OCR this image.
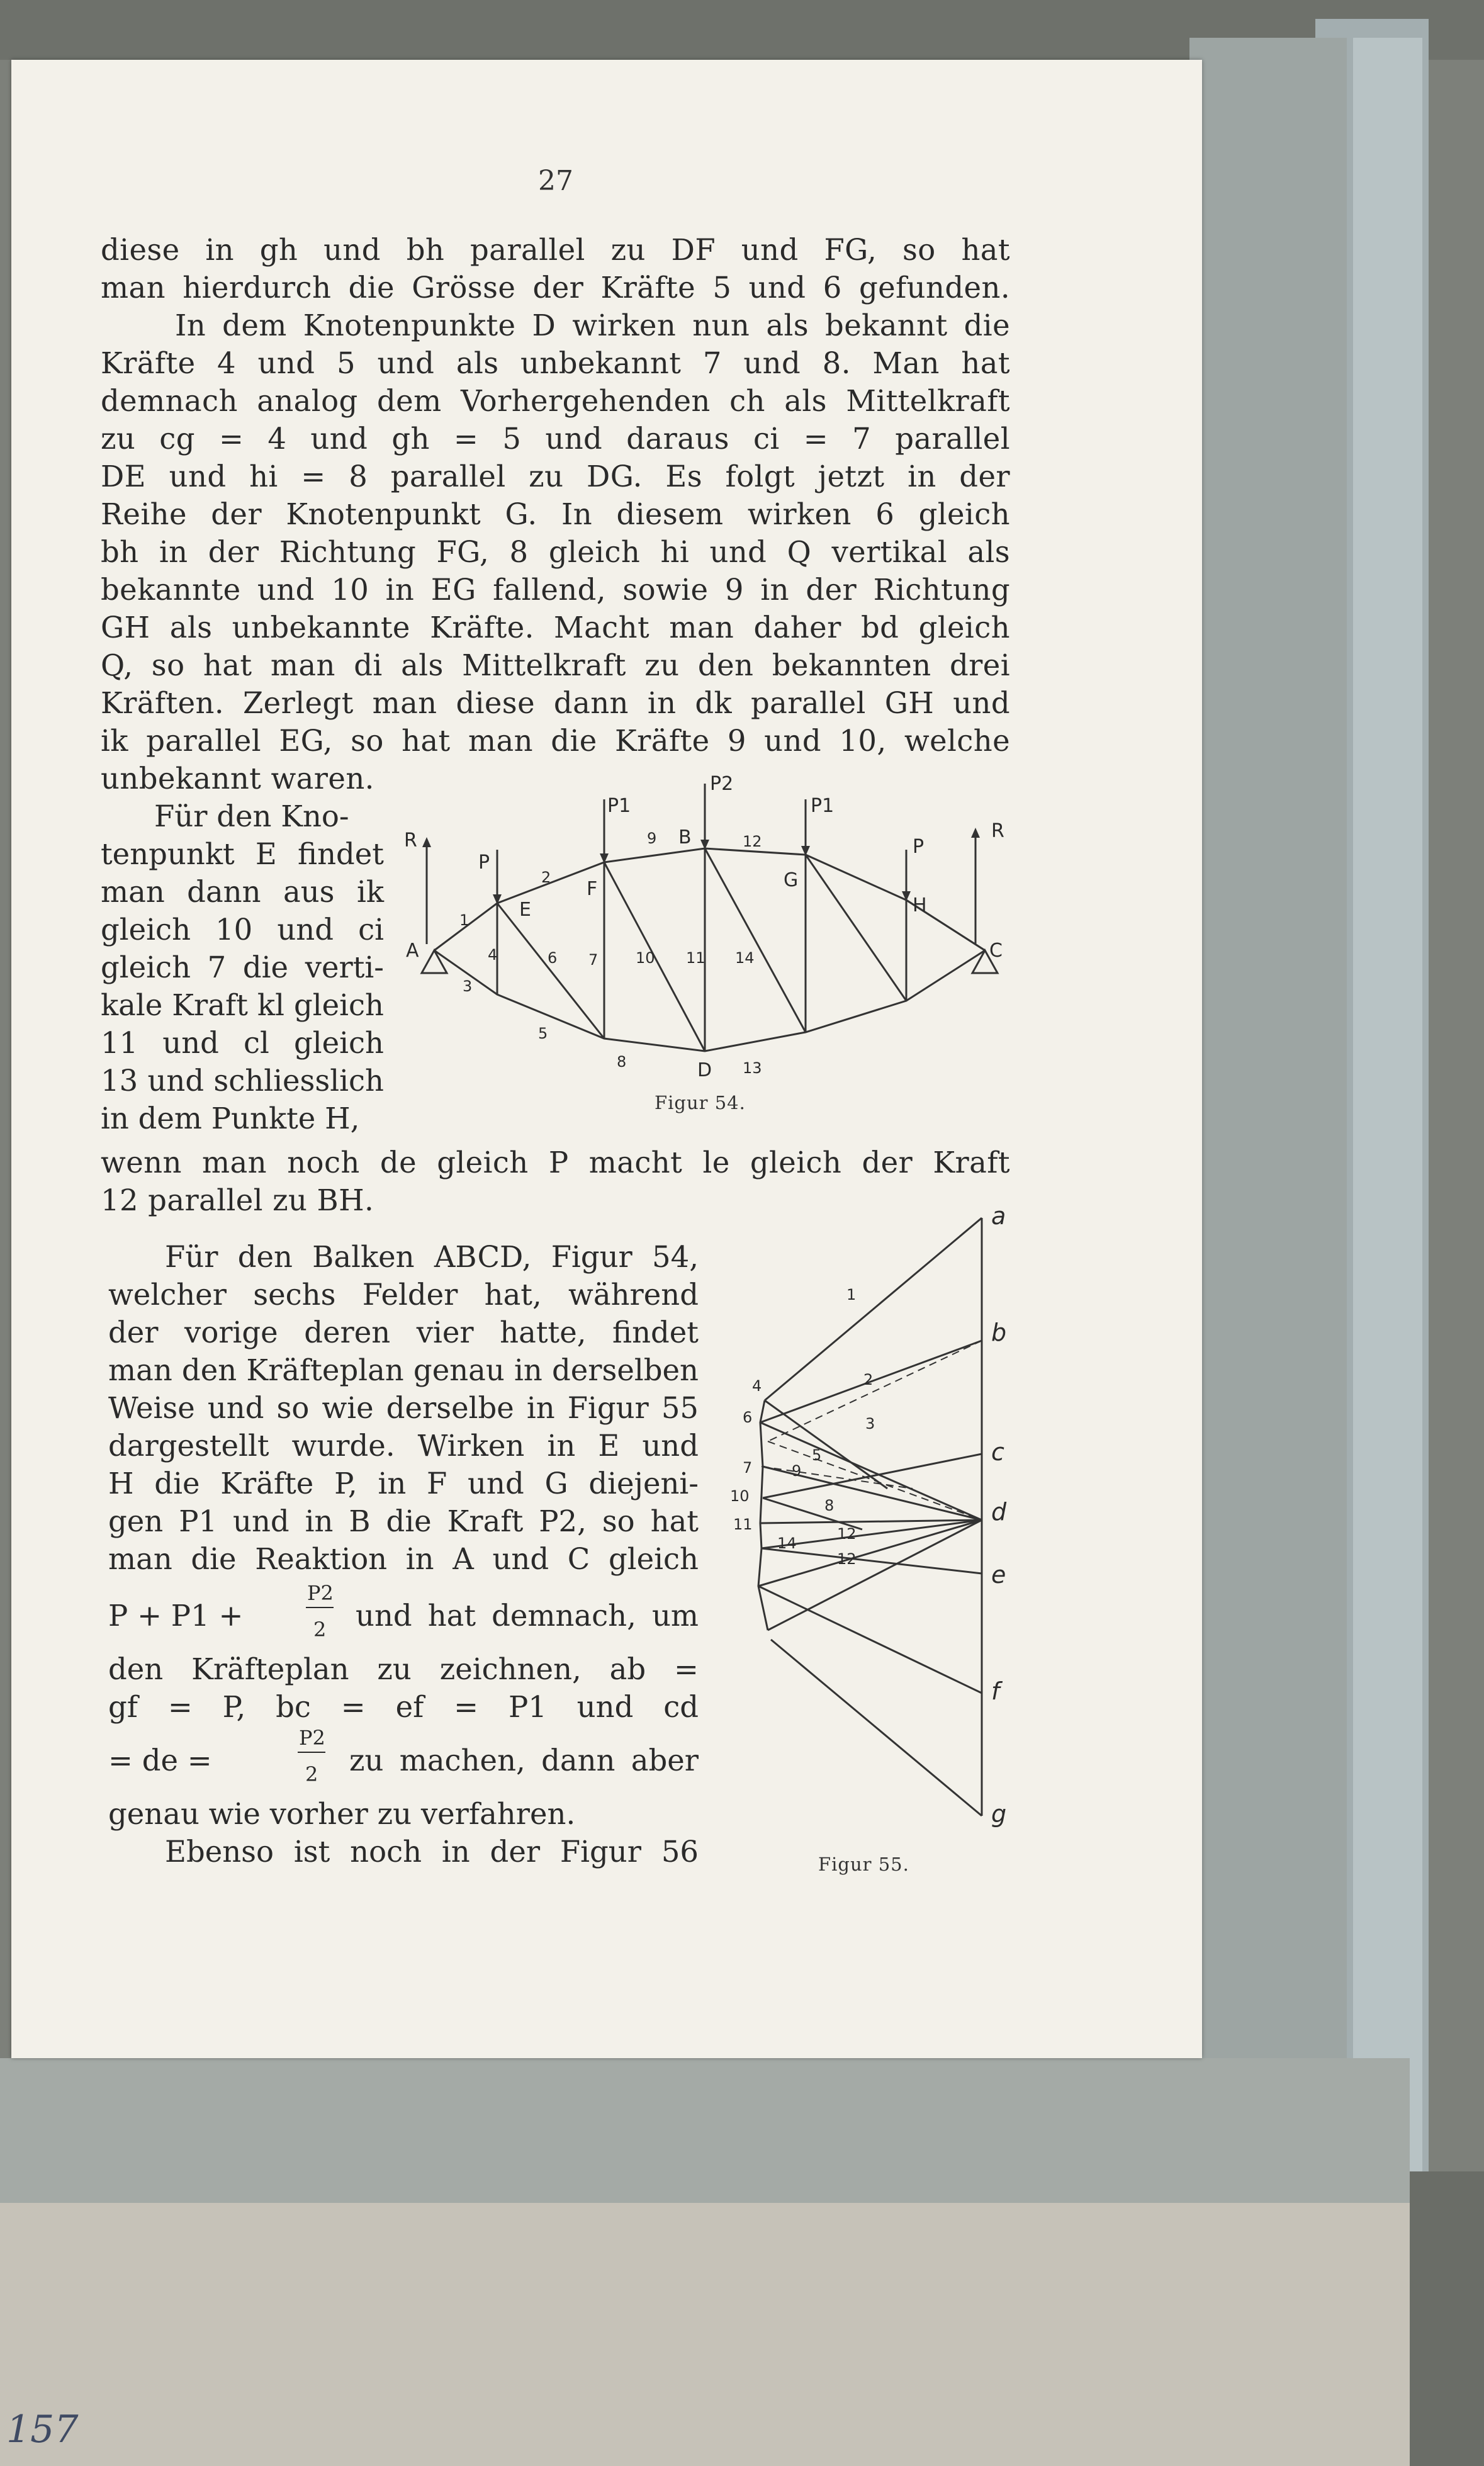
157
27
diese in gh und bh parallel zu DF und FG, so hat
man hierdurch die Grösse der Kräfte 5 und 6 gefunden.
In dem Knotenpunkte D wirken nun als bekannt die
Kräfte 4 und 5 und als unbekannt 7 und 8. Man hat
demnach analog dem Vorhergehenden ch als Mittelkraft
zu cg = 4 und gh = 5 und daraus ci = 7 parallel
DE und hi = 8 parallel zu DG. Es folgt jetzt in der
Reihe der Knotenpunkt G. In diesem wirken 6 gleich
bh in der Richtung FG, 8 gleich hi und Q vertikal als
bekannte und 10 in EG fallend, sowie 9 in der Richtung
GH als unbekannte Kräfte. Macht man daher bd gleich
Q, so hat man di als Mittelkraft zu den bekannten drei
Kräften. Zerlegt man diese dann in dk parallel GH und
ik parallel EG, so hat man die Kräfte 9 und 10, welche
unbekannt waren.
Für den Kno-
tenpunkt E findet
man dann aus ik
gleich 10 und ci
gleich 7 die verti-
kale Kraft kl gleich
11 und cl gleich
13 und schliesslich
in dem Punkte H,
wenn man noch de gleich P macht le gleich der Kraft
12 parallel zu BH.
Für den Balken ABCD, Figur 54,
welcher sechs Felder hat, während
der vorige deren vier hatte, findet
man den Kräfteplan genau in derselben
Weise und so wie derselbe in Figur 55
dargestellt wurde. Wirken in E und
H die Kräfte P, in F und G diejeni-
gen P1 und in B die Kraft P2, so hat
man die Reaktion in A und C gleich
P + P1 +
P2
2 und hat demnach, um
den Kräfteplan zu zeichnen, ab =
gf = P, bc = ef = P1 und cd
= de =
P2
2 zu machen, dann aber
genau wie vorher zu verfahren.
Ebenso ist noch in der Figur 56
R
P
P1
P2
P1
P
R
A
B
C
D
E
F	G
H
1
2
3
4
5
6 7
8
9
10 11
12
13
14
Figur 54.
a
b
c
d
e
f
g
1
2
3
4
5
6
7
8
9
10
11
12
14
12
Figur 55.
